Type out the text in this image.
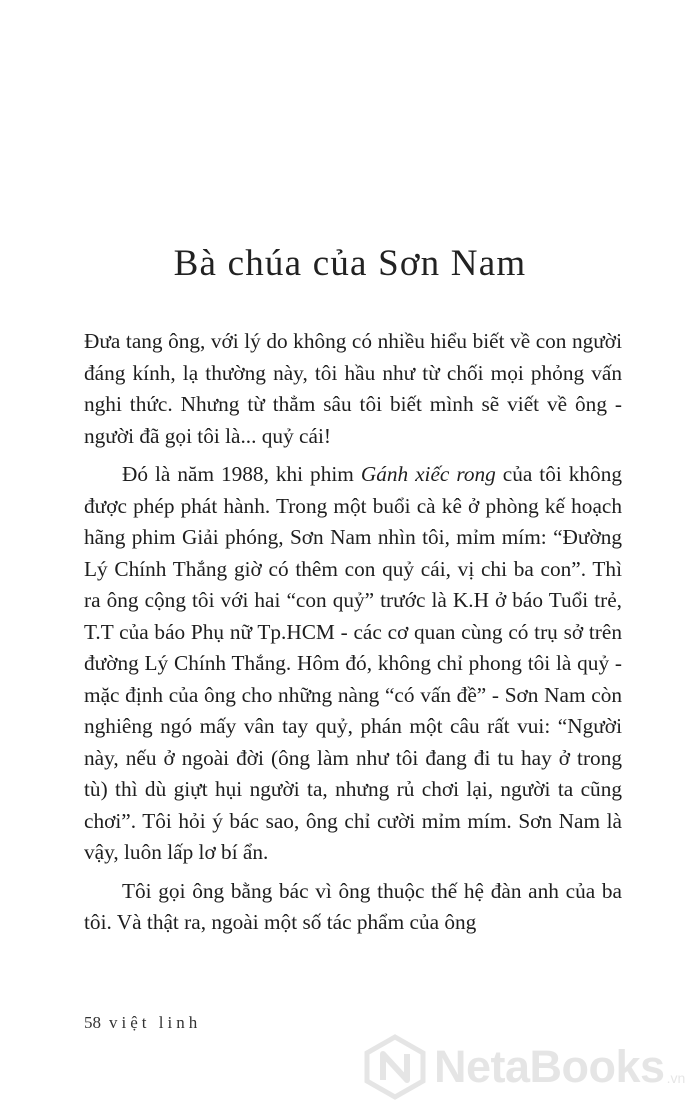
Bà chúa của Sơn Nam

Đưa tang ông, với lý do không có nhiều hiểu biết về con người đáng kính, lạ thường này, tôi hầu như từ chối mọi phỏng vấn nghi thức. Nhưng từ thẳm sâu tôi biết mình sẽ viết về ông - người đã gọi tôi là... quỷ cái!

Đó là năm 1988, khi phim Gánh xiếc rong của tôi không được phép phát hành. Trong một buổi cà kê ở phòng kế hoạch hãng phim Giải phóng, Sơn Nam nhìn tôi, mỉm mím: “Đường Lý Chính Thắng giờ có thêm con quỷ cái, vị chi ba con”. Thì ra ông cộng tôi với hai “con quỷ” trước là K.H ở báo Tuổi trẻ, T.T của báo Phụ nữ Tp.HCM - các cơ quan cùng có trụ sở trên đường Lý Chính Thắng. Hôm đó, không chỉ phong tôi là quỷ - mặc định của ông cho những nàng “có vấn đề” - Sơn Nam còn nghiêng ngó mấy vân tay quỷ, phán một câu rất vui: “Người này, nếu ở ngoài đời (ông làm như tôi đang đi tu hay ở trong tù) thì dù giựt hụi người ta, nhưng rủ chơi lại, người ta cũng chơi”. Tôi hỏi ý bác sao, ông chỉ cười mỉm mím. Sơn Nam là vậy, luôn lấp lơ bí ẩn.

Tôi gọi ông bằng bác vì ông thuộc thế hệ đàn anh của ba tôi. Và thật ra, ngoài một số tác phẩm của ông

58 việt linh
NetaBooks .vn
